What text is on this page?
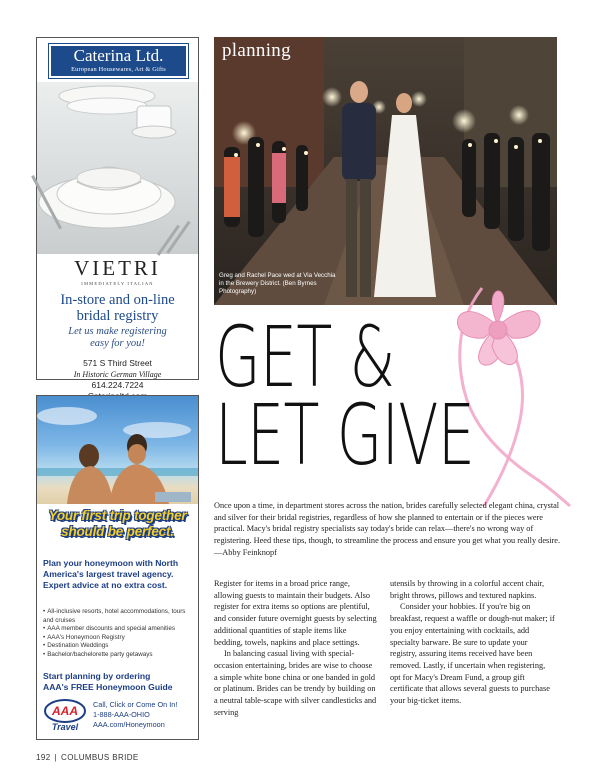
Caterina Ltd.
European Housewares, Art & Gifts
VIETRI
IMMEDIATELY ITALIAN
In-store and on-line
bridal registry
Let us make registering
easy for you!
571 S Third Street
In Historic German Village
614.224.7224
Your first trip together
should be perfect.
Plan your honeymoon with North America's largest travel agency. Expert advice at no extra cost.
• All-inclusive resorts, hotel accommodations, tours and cruises
• AAA member discounts and special amenities
• AAA's Honeymoon Registry
• Destination Weddings
• Bachelor/bachelorette party getaways
Start planning by ordering
AAA's FREE Honeymoon Guide
AAA
Travel
Call, Click or Come On In!
1-888-AAA-OHIO
AAA.com/Honeymoon
planning
Greg and Rachel Pace wed at Via Vecchia in the Brewery District. (Ben Byrnes Photography)
GET &
LET GIVE
Once upon a time, in department stores across the nation, brides carefully selected elegant china, crystal and silver for their bridal registries, regardless of how she planned to entertain or if the pieces were practical. Macy's bridal registry specialists say today's bride can relax—there's no wrong way of registering. Heed these tips, though, to streamline the process and ensure you get what you really desire. —Abby Feinknopf

Register for items in a broad price range, allowing guests to maintain their budgets. Also register for extra items so options are plentiful, and consider future overnight guests by selecting additional quantities of staple items like bedding, towels, napkins and place settings.

In balancing casual living with special-occasion entertaining, brides are wise to choose a simple white bone china or one banded in gold or platinum. Brides can be trendy by building on a neutral table-scape with silver candlesticks and serving

utensils by throwing in a colorful accent chair, bright throws, pillows and textured napkins.

Consider your hobbies. If you're big on breakfast, request a waffle or dough-nut maker; if you enjoy entertaining with cocktails, add specialty barware. Be sure to update your registry, assuring items received have been removed. Lastly, if uncertain when registering, opt for Macy's Dream Fund, a group gift certificate that allows several guests to purchase your big-ticket items.

192 | COLUMBUS BRIDE
